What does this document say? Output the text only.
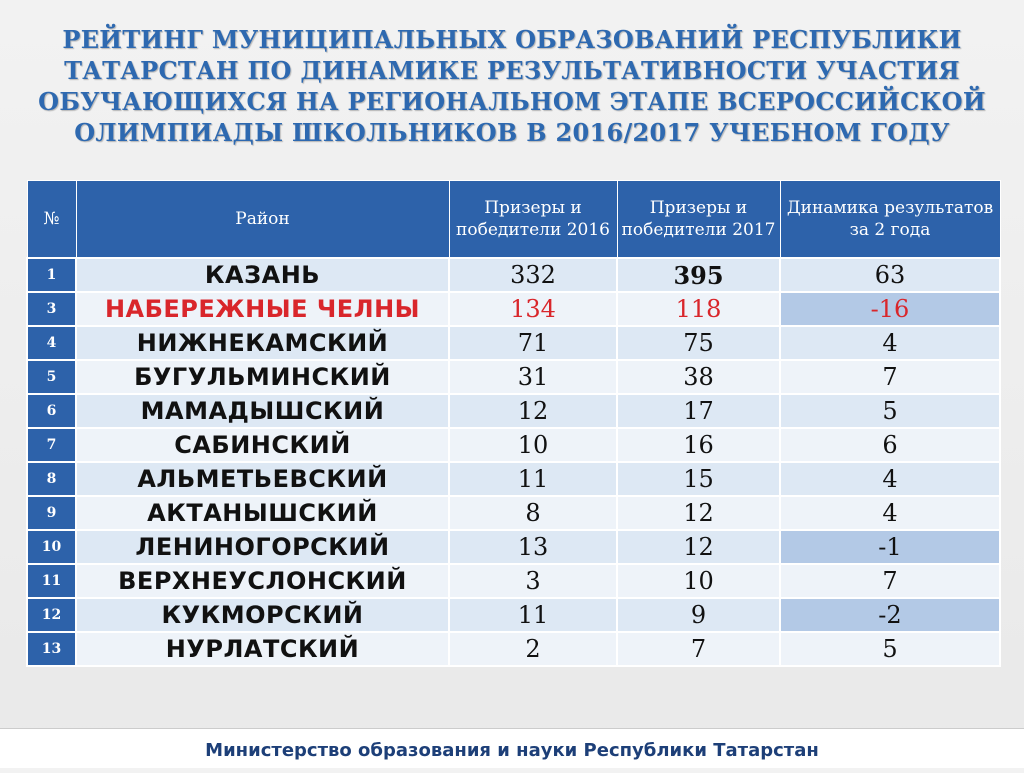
РЕЙТИНГ МУНИЦИПАЛЬНЫХ ОБРАЗОВАНИЙ РЕСПУБЛИКИ
ТАТАРСТАН ПО ДИНАМИКЕ РЕЗУЛЬТАТИВНОСТИ УЧАСТИЯ
ОБУЧАЮЩИХСЯ НА РЕГИОНАЛЬНОМ ЭТАПЕ ВСЕРОССИЙСКОЙ
ОЛИМПИАДЫ ШКОЛЬНИКОВ В 2016/2017 УЧЕБНОМ ГОДУ
№	Район	Призеры и победители 2016	Призеры и победители 2017	Динамика результатов за 2 года
1	КАЗАНЬ	332	395	63
3	НАБЕРЕЖНЫЕ ЧЕЛНЫ	134	118	-16
4	НИЖНЕКАМСКИЙ	71	75	4
5	БУГУЛЬМИНСКИЙ	31	38	7
6	МАМАДЫШСКИЙ	12	17	5
7	САБИНСКИЙ	10	16	6
8	АЛЬМЕТЬЕВСКИЙ	11	15	4
9	АКТАНЫШСКИЙ	8	12	4
10	ЛЕНИНОГОРСКИЙ	13	12	-1
11	ВЕРХНЕУСЛОНСКИЙ	3	10	7
12	КУКМОРСКИЙ	11	9	-2
13	НУРЛАТСКИЙ	2	7	5
Министерство образования и науки Республики Татарстан
